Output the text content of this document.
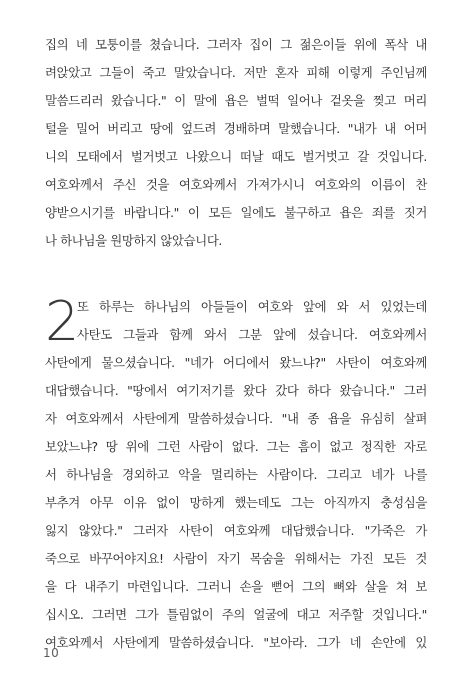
집의 네 모퉁이를 쳤습니다. 그러자 집이 그 젊은이들 위에 폭삭 내
려앉았고 그들이 죽고 말았습니다. 저만 혼자 피해 이렇게 주인님께
말씀드리러 왔습니다." 이 말에 욥은 벌떡 일어나 겉옷을 찢고 머리
털을 밀어 버리고 땅에 엎드려 경배하며 말했습니다. "내가 내 어머
니의 모태에서 벌거벗고 나왔으니 떠날 때도 벌거벗고 갈 것입니다.
여호와께서 주신 것을 여호와께서 가져가시니 여호와의 이름이 찬
양받으시기를 바랍니다." 이 모든 일에도 불구하고 욥은 죄를 짓거
나 하나님을 원망하지 않았습니다.
2
또 하루는 하나님의 아들들이 여호와 앞에 와 서 있었는데
사탄도 그들과 함께 와서 그분 앞에 섰습니다. 여호와께서
사탄에게 물으셨습니다. "네가 어디에서 왔느냐?" 사탄이 여호와께
대답했습니다. "땅에서 여기저기를 왔다 갔다 하다 왔습니다." 그러
자 여호와께서 사탄에게 말씀하셨습니다. "내 종 욥을 유심히 살펴
보았느냐? 땅 위에 그런 사람이 없다. 그는 흠이 없고 정직한 자로
서 하나님을 경외하고 악을 멀리하는 사람이다. 그리고 네가 나를
부추겨 아무 이유 없이 망하게 했는데도 그는 아직까지 충성심을
잃지 않았다." 그러자 사탄이 여호와께 대답했습니다. "가죽은 가
죽으로 바꾸어야지요! 사람이 자기 목숨을 위해서는 가진 모든 것
을 다 내주기 마련입니다. 그러니 손을 뻗어 그의 뼈와 살을 쳐 보
십시오. 그러면 그가 틀림없이 주의 얼굴에 대고 저주할 것입니다."
여호와께서 사탄에게 말씀하셨습니다. "보아라. 그가 네 손안에 있
10
